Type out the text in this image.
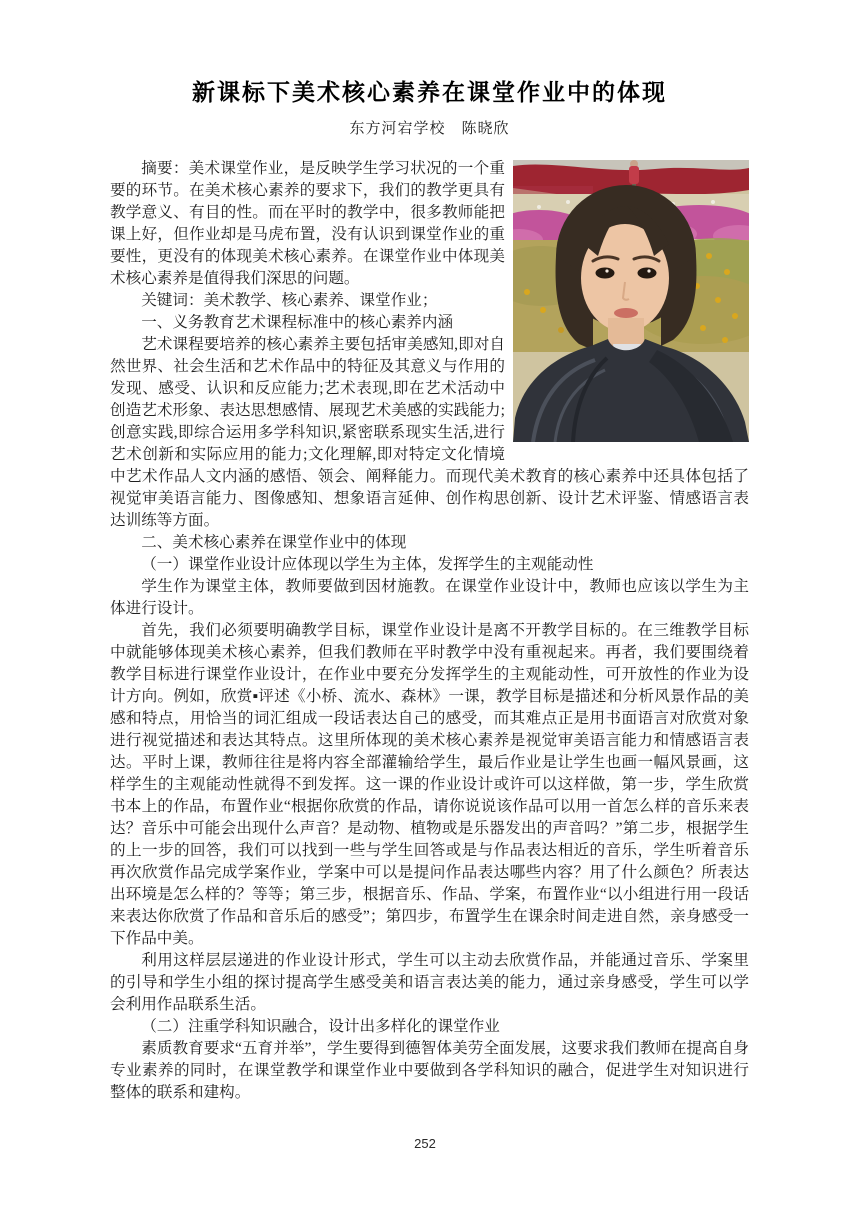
新课标下美术核心素养在课堂作业中的体现
东方河宕学校　陈晓欣

摘要：美术课堂作业，是反映学生学习状况的一个重要的环节。在美术核心素养的要求下，我们的教学更具有教学意义、有目的性。而在平时的教学中，很多教师能把课上好，但作业却是马虎布置，没有认识到课堂作业的重要性，更没有的体现美术核心素养。在课堂作业中体现美术核心素养是值得我们深思的问题。

关键词：美术教学、核心素养、课堂作业；

一、义务教育艺术课程标准中的核心素养内涵

艺术课程要培养的核心素养主要包括审美感知,即对自然世界、社会生活和艺术作品中的特征及其意义与作用的发现、感受、认识和反应能力;艺术表现,即在艺术活动中创造艺术形象、表达思想感情、展现艺术美感的实践能力;创意实践,即综合运用多学科知识,紧密联系现实生活,进行艺术创新和实际应用的能力;文化理解,即对特定文化情境中艺术作品人文内涵的感悟、领会、阐释能力。而现代美术教育的核心素养中还具体包括了视觉审美语言能力、图像感知、想象语言延伸、创作构思创新、设计艺术评鉴、情感语言表达训练等方面。

二、美术核心素养在课堂作业中的体现

（一）课堂作业设计应体现以学生为主体，发挥学生的主观能动性

学生作为课堂主体，教师要做到因材施教。在课堂作业设计中，教师也应该以学生为主体进行设计。

首先，我们必须要明确教学目标，课堂作业设计是离不开教学目标的。在三维教学目标中就能够体现美术核心素养，但我们教师在平时教学中没有重视起来。再者，我们要围绕着教学目标进行课堂作业设计，在作业中要充分发挥学生的主观能动性，可开放性的作业为设计方向。例如，欣赏▪评述《小桥、流水、森林》一课，教学目标是描述和分析风景作品的美感和特点，用恰当的词汇组成一段话表达自己的感受，而其难点正是用书面语言对欣赏对象进行视觉描述和表达其特点。这里所体现的美术核心素养是视觉审美语言能力和情感语言表达。平时上课，教师往往是将内容全部灌输给学生，最后作业是让学生也画一幅风景画，这样学生的主观能动性就得不到发挥。这一课的作业设计或许可以这样做，第一步，学生欣赏书本上的作品，布置作业“根据你欣赏的作品，请你说说该作品可以用一首怎么样的音乐来表达？音乐中可能会出现什么声音？是动物、植物或是乐器发出的声音吗？”第二步，根据学生的上一步的回答，我们可以找到一些与学生回答或是与作品表达相近的音乐，学生听着音乐再次欣赏作品完成学案作业，学案中可以是提问作品表达哪些内容？用了什么颜色？所表达出环境是怎么样的？等等；第三步，根据音乐、作品、学案，布置作业“以小组进行用一段话来表达你欣赏了作品和音乐后的感受”；第四步，布置学生在课余时间走进自然，亲身感受一下作品中美。

利用这样层层递进的作业设计形式，学生可以主动去欣赏作品，并能通过音乐、学案里的引导和学生小组的探讨提高学生感受美和语言表达美的能力，通过亲身感受，学生可以学会利用作品联系生活。

（二）注重学科知识融合，设计出多样化的课堂作业

素质教育要求“五育并举”，学生要得到德智体美劳全面发展，这要求我们教师在提高自身专业素养的同时，在课堂教学和课堂作业中要做到各学科知识的融合，促进学生对知识进行整体的联系和建构。

252
